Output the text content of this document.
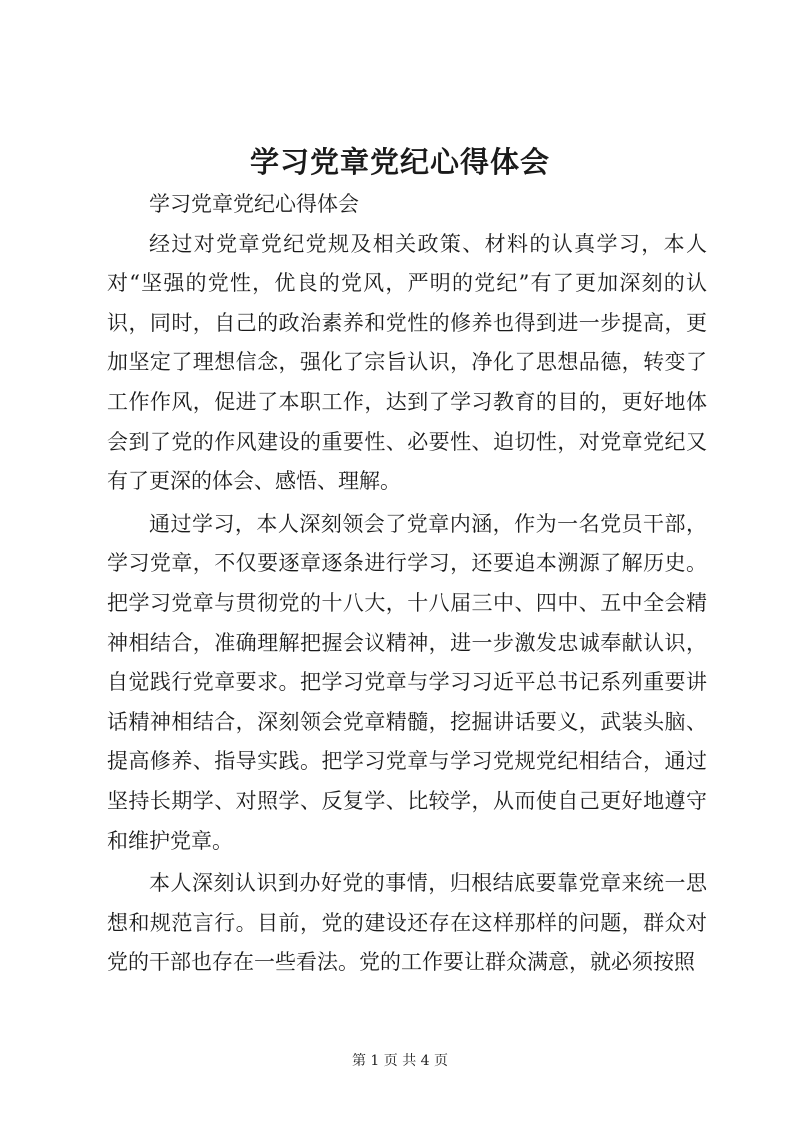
学习党章党纪心得体会

学习党章党纪心得体会

经过对党章党纪党规及相关政策、材料的认真学习，本人对“坚强的党性，优良的党风，严明的党纪”有了更加深刻的认识，同时，自己的政治素养和党性的修养也得到进一步提高，更加坚定了理想信念，强化了宗旨认识，净化了思想品德，转变了工作作风，促进了本职工作，达到了学习教育的目的，更好地体会到了党的作风建设的重要性、必要性、迫切性，对党章党纪又有了更深的体会、感悟、理解。

通过学习，本人深刻领会了党章内涵，作为一名党员干部，学习党章，不仅要逐章逐条进行学习，还要追本溯源了解历史。把学习党章与贯彻党的十八大，十八届三中、四中、五中全会精神相结合，准确理解把握会议精神，进一步激发忠诚奉献认识，自觉践行党章要求。把学习党章与学习习近平总书记系列重要讲话精神相结合，深刻领会党章精髓，挖掘讲话要义，武装头脑、提高修养、指导实践。把学习党章与学习党规党纪相结合，通过坚持长期学、对照学、反复学、比较学，从而使自己更好地遵守和维护党章。

本人深刻认识到办好党的事情，归根结底要靠党章来统一思想和规范言行。目前，党的建设还存在这样那样的问题，群众对党的干部也存在一些看法。党的工作要让群众满意，就必须按照

第 1 页 共 4 页
